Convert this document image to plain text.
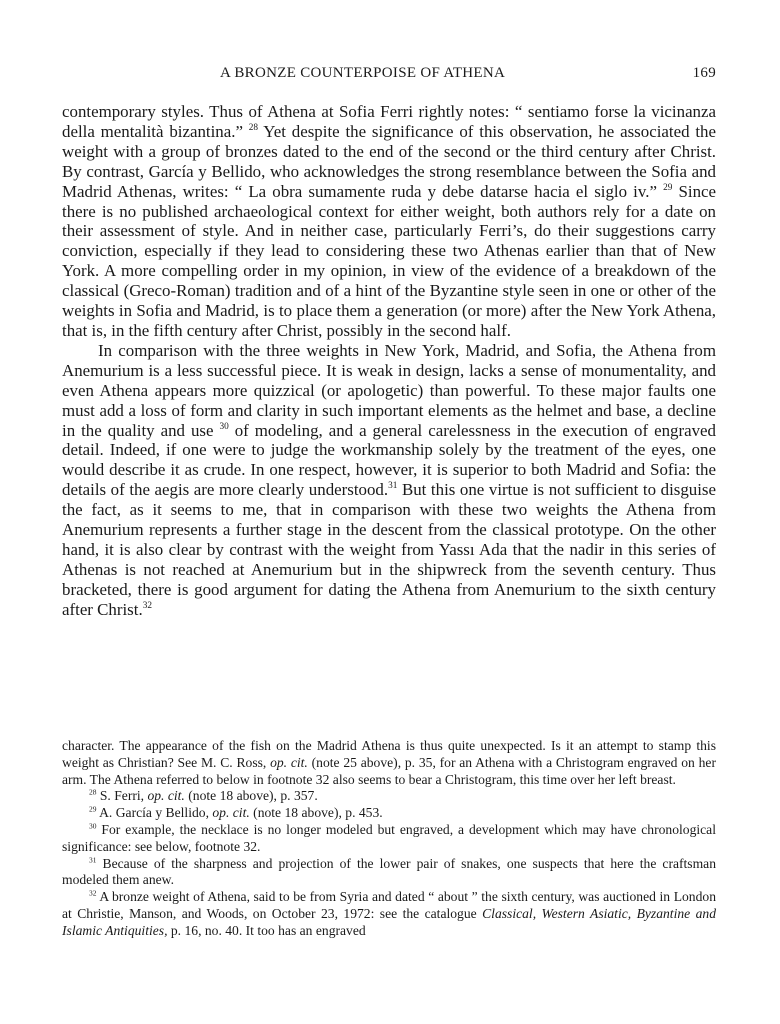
A BRONZE COUNTERPOISE OF ATHENA	169

contemporary styles. Thus of Athena at Sofia Ferri rightly notes: “ sentiamo forse la vicinanza della mentalità bizantina.” $^{28}$ Yet despite the significance of this observation, he associated the weight with a group of bronzes dated to the end of the second or the third century after Christ. By contrast, García y Bellido, who acknowledges the strong resemblance between the Sofia and Madrid Athenas, writes: “ La obra sumamente ruda y debe datarse hacia el siglo iv.” $^{29}$ Since there is no published archaeological context for either weight, both authors rely for a date on their assessment of style. And in neither case, particularly Ferri’s, do their suggestions carry conviction, especially if they lead to considering these two Athenas earlier than that of New York. A more compelling order in my opinion, in view of the evidence of a breakdown of the classical (Greco-Roman) tradition and of a hint of the Byzantine style seen in one or other of the weights in Sofia and Madrid, is to place them a generation (or more) after the New York Athena, that is, in the fifth century after Christ, possibly in the second half.

In comparison with the three weights in New York, Madrid, and Sofia, the Athena from Anemurium is a less successful piece. It is weak in design, lacks a sense of monumentality, and even Athena appears more quizzical (or apologetic) than powerful. To these major faults one must add a loss of form and clarity in such important elements as the helmet and base, a decline in the quality and use $^{30}$ of modeling, and a general carelessness in the execution of engraved detail. Indeed, if one were to judge the workmanship solely by the treatment of the eyes, one would describe it as crude. In one respect, however, it is superior to both Madrid and Sofia: the details of the aegis are more clearly understood.$^{31}$ But this one virtue is not sufficient to disguise the fact, as it seems to me, that in comparison with these two weights the Athena from Anemurium represents a further stage in the descent from the classical prototype. On the other hand, it is also clear by contrast with the weight from Yassı Ada that the nadir in this series of Athenas is not reached at Anemurium but in the shipwreck from the seventh century. Thus bracketed, there is good argument for dating the Athena from Anemurium to the sixth century after Christ.$^{32}$

character. The appearance of the fish on the Madrid Athena is thus quite unexpected. Is it an attempt to stamp this weight as Christian? See M. C. Ross, op. cit. (note 25 above), p. 35, for an Athena with a Christogram engraved on her arm. The Athena referred to below in footnote 32 also seems to bear a Christogram, this time over her left breast.

$^{28}$ S. Ferri, op. cit. (note 18 above), p. 357.

$^{29}$ A. García y Bellido, op. cit. (note 18 above), p. 453.

$^{30}$ For example, the necklace is no longer modeled but engraved, a development which may have chronological significance: see below, footnote 32.

$^{31}$ Because of the sharpness and projection of the lower pair of snakes, one suspects that here the craftsman modeled them anew.

$^{32}$ A bronze weight of Athena, said to be from Syria and dated “ about ” the sixth century, was auctioned in London at Christie, Manson, and Woods, on October 23, 1972: see the catalogue Classical, Western Asiatic, Byzantine and Islamic Antiquities, p. 16, no. 40. It too has an engraved
